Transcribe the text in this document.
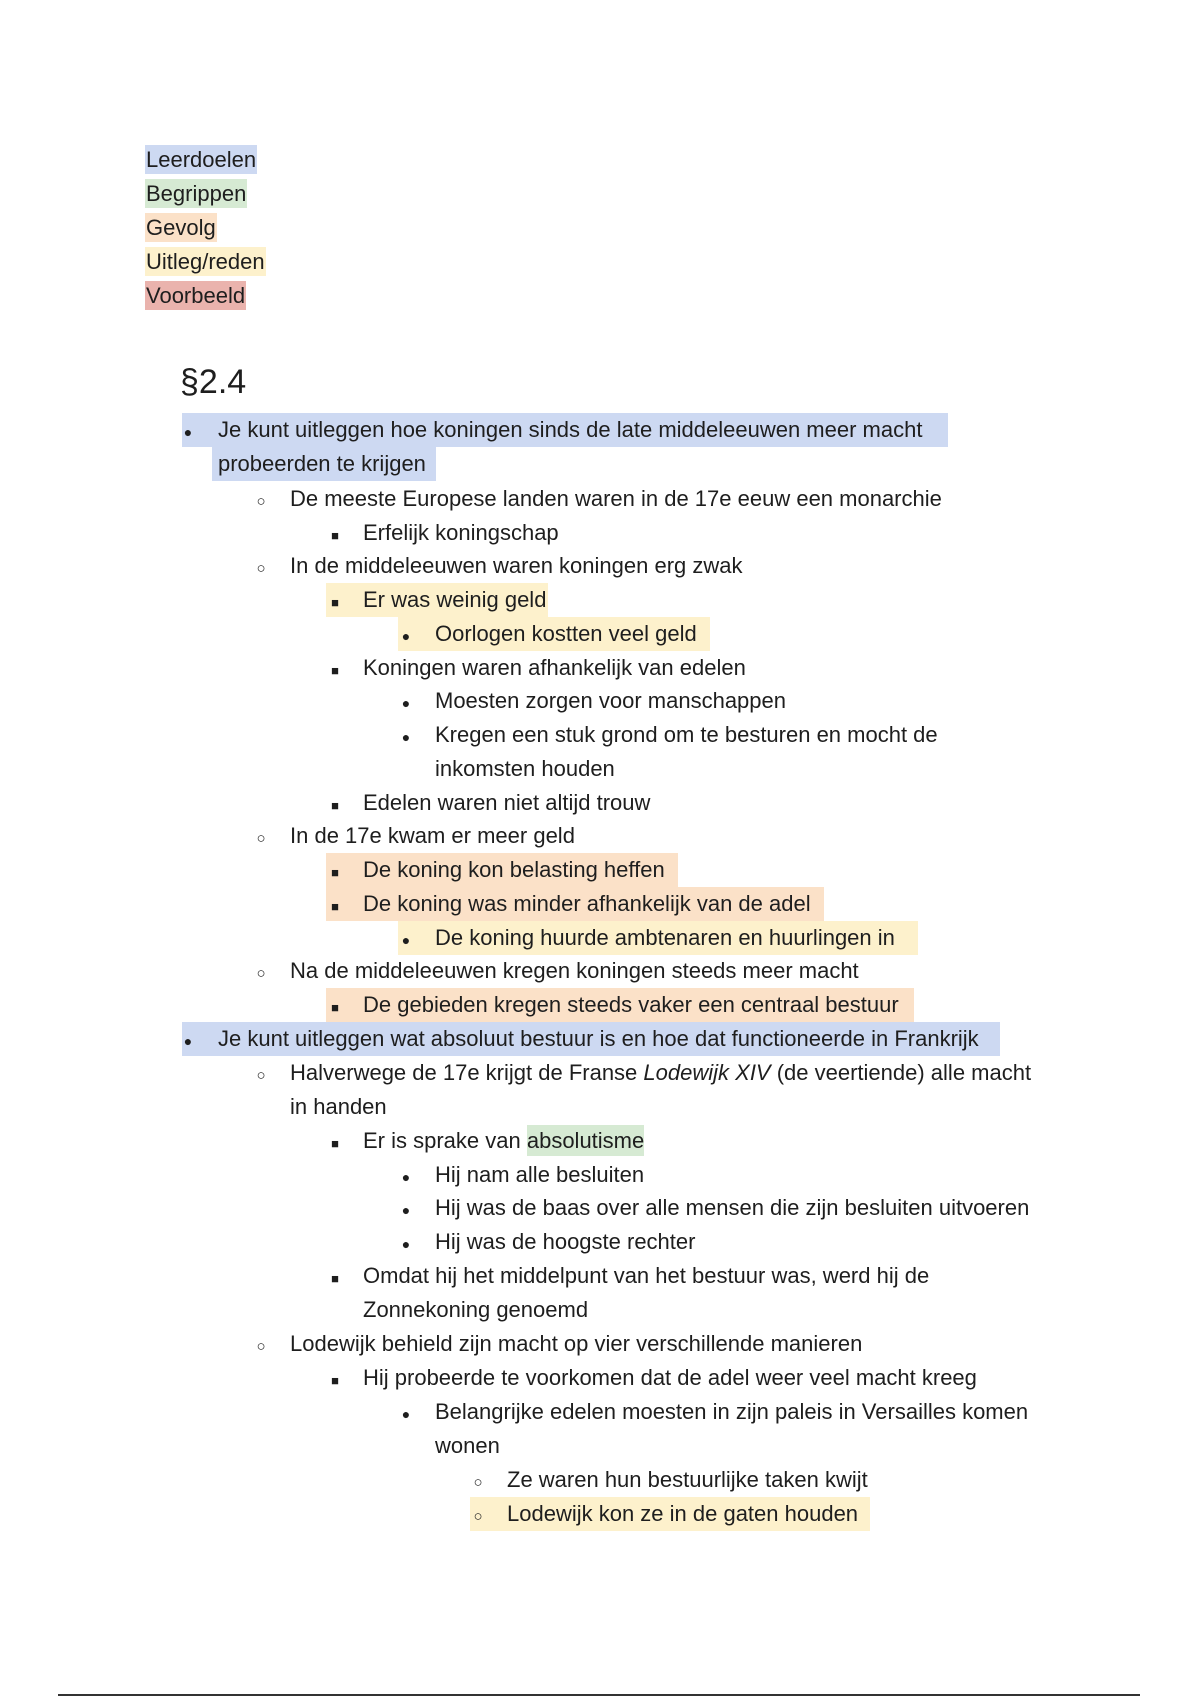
Leerdoelen
Begrippen
Gevolg
Uitleg/reden
Voorbeeld
§2.4
●
Je kunt uitleggen hoe koningen sinds de late middeleeuwen meer macht
probeerden te krijgen
○
De meeste Europese landen waren in de 17e eeuw een monarchie
■
Erfelijk koningschap
○
In de middeleeuwen waren koningen erg zwak
■
Er was weinig geld
●
Oorlogen kostten veel geld
■
Koningen waren afhankelijk van edelen
●
Moesten zorgen voor manschappen
●
Kregen een stuk grond om te besturen en mocht de
inkomsten houden
■
Edelen waren niet altijd trouw
○
In de 17e kwam er meer geld
■
De koning kon belasting heffen
■
De koning was minder afhankelijk van de adel
●
De koning huurde ambtenaren en huurlingen in
○
Na de middeleeuwen kregen koningen steeds meer macht
■
De gebieden kregen steeds vaker een centraal bestuur
●
Je kunt uitleggen wat absoluut bestuur is en hoe dat functioneerde in Frankrijk
○
Halverwege de 17e krijgt de Franse Lodewijk XIV (de veertiende) alle macht
in handen
■
Er is sprake van absolutisme
●
Hij nam alle besluiten
●
Hij was de baas over alle mensen die zijn besluiten uitvoeren
●
Hij was de hoogste rechter
■
Omdat hij het middelpunt van het bestuur was, werd hij de
Zonnekoning genoemd
○
Lodewijk behield zijn macht op vier verschillende manieren
■
Hij probeerde te voorkomen dat de adel weer veel macht kreeg
●
Belangrijke edelen moesten in zijn paleis in Versailles komen
wonen
○
Ze waren hun bestuurlijke taken kwijt
○
Lodewijk kon ze in de gaten houden
